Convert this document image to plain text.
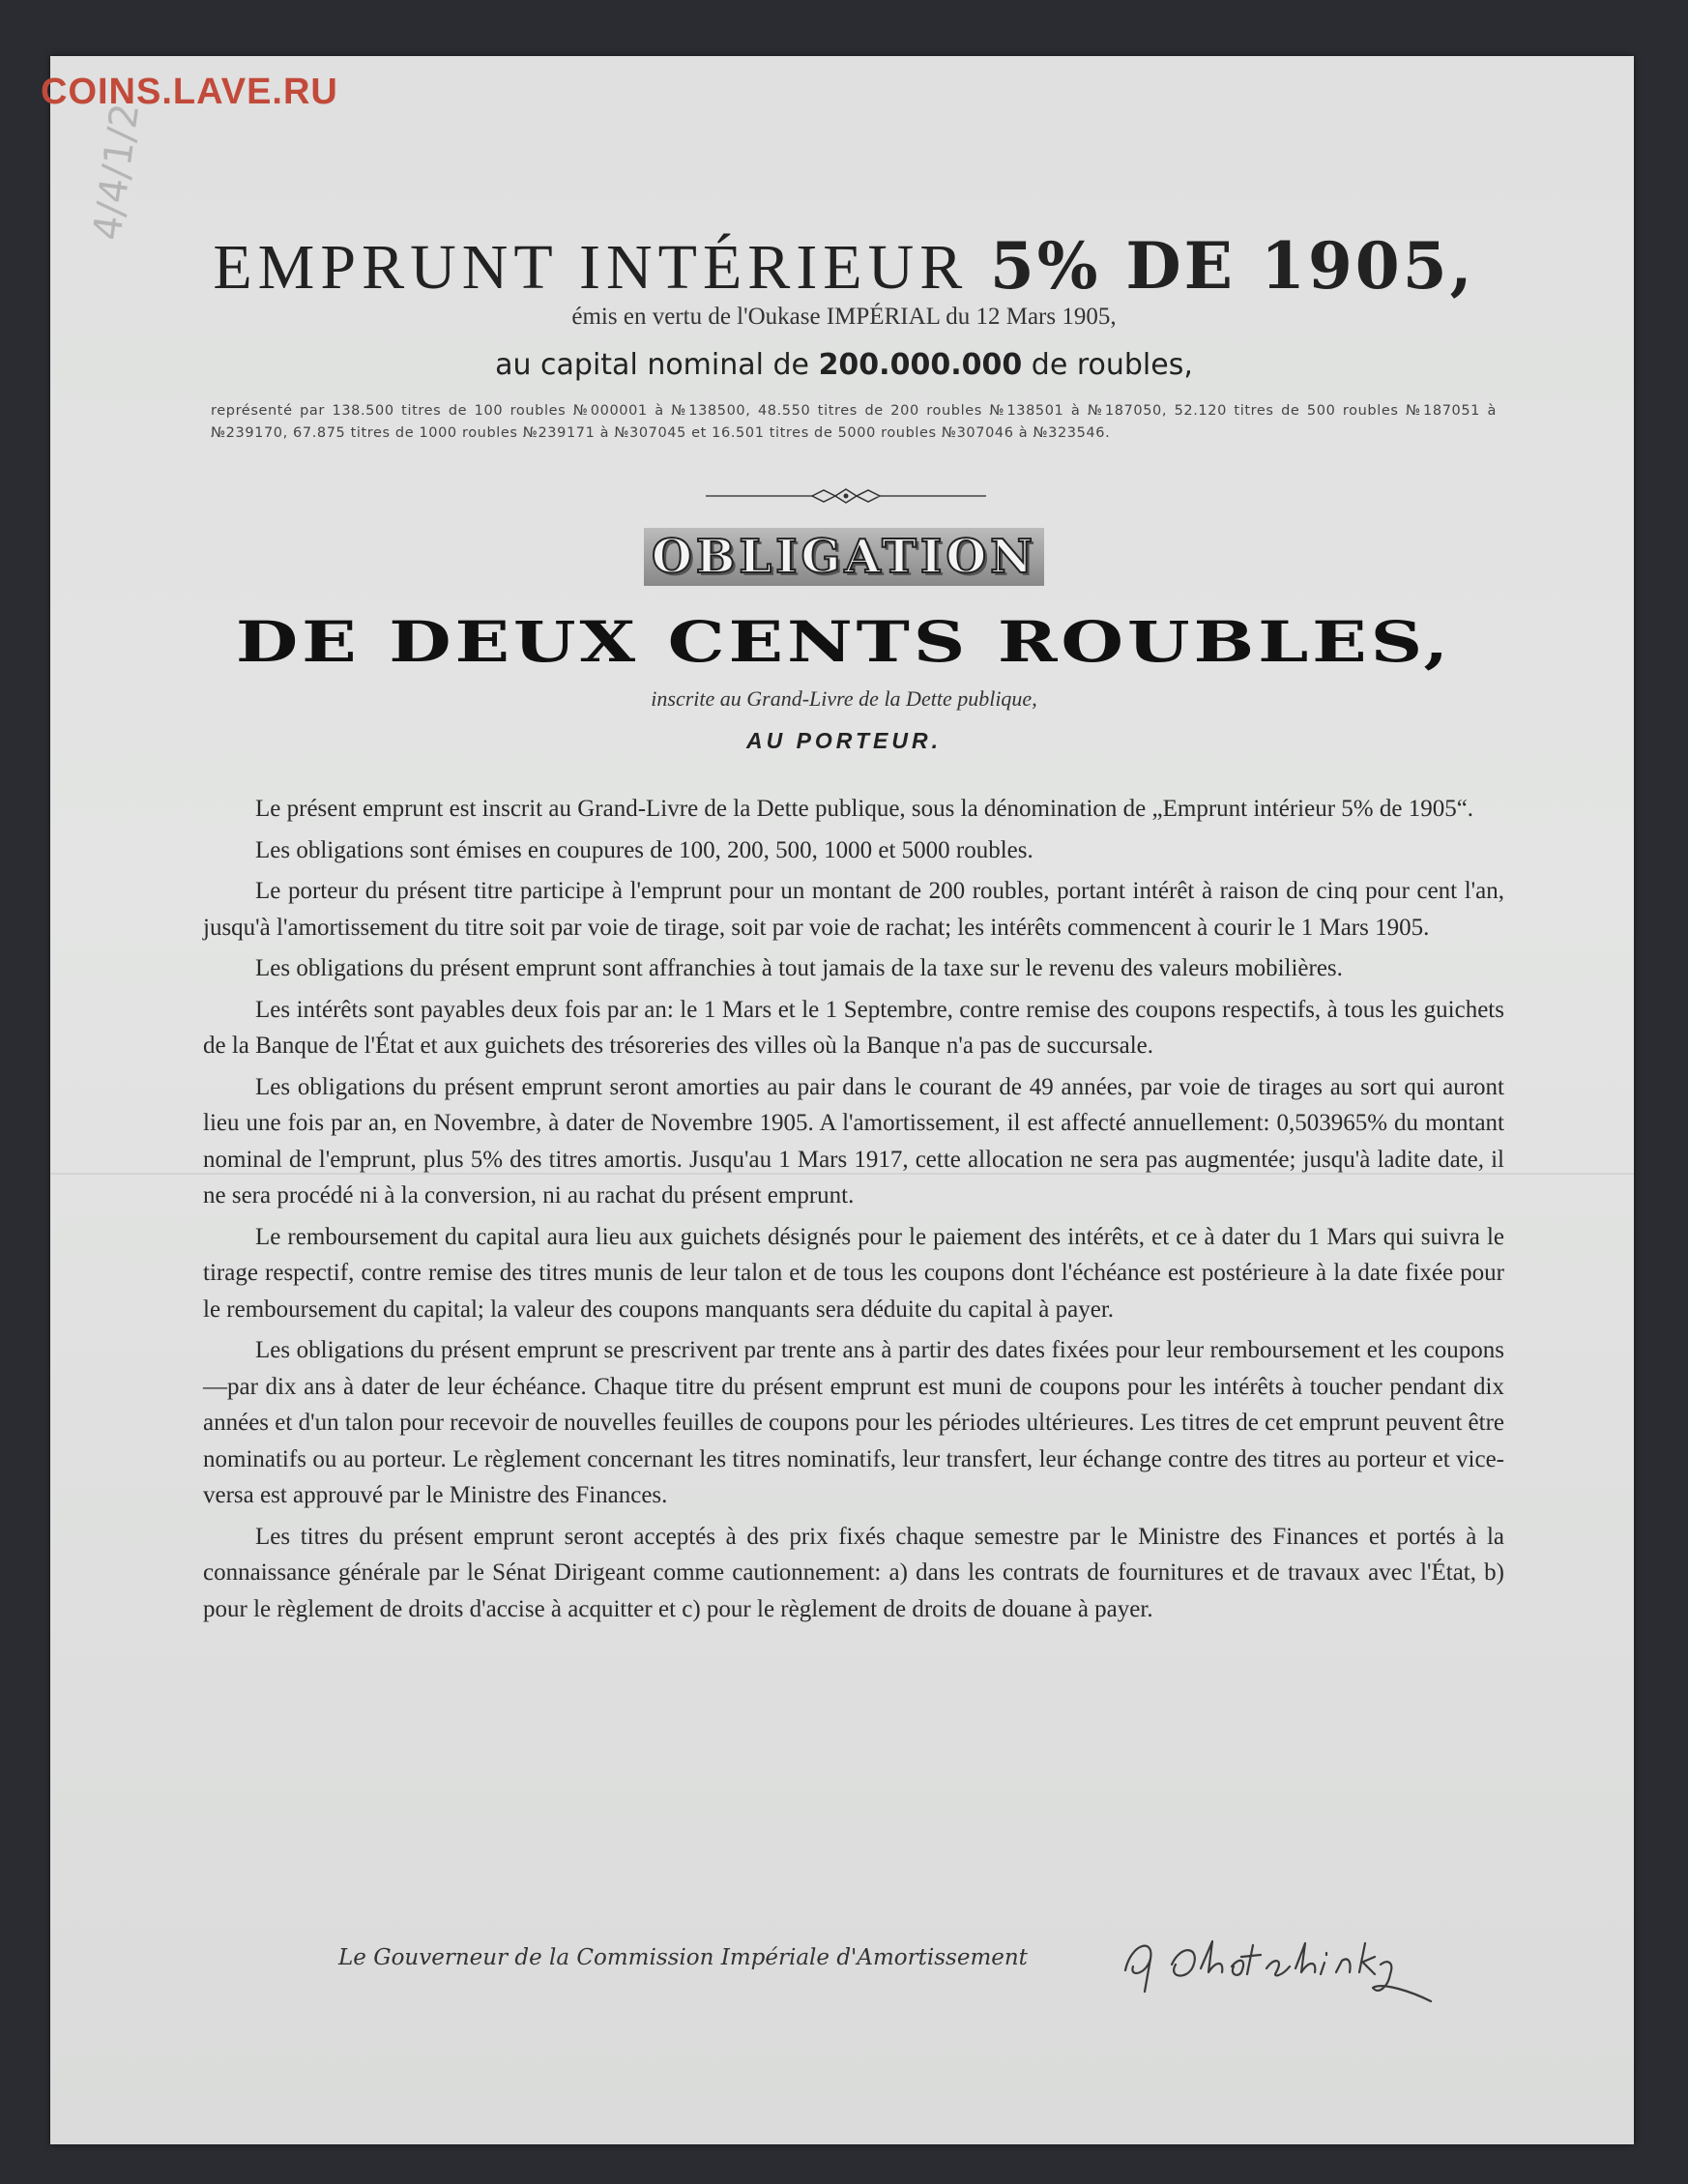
COINS.LAVE.RU
4/4/1/2
EMPRUNT INTÉRIEUR 5% DE 1905,
émis en vertu de l'Oukase IMPÉRIAL du 12 Mars 1905,
au capital nominal de 200.000.000 de roubles,
représenté par 138.500 titres de 100 roubles №000001 à №138500, 48.550 titres de 200 roubles №138501 à №187050, 52.120 titres de 500 roubles №187051 à №239170, 67.875 titres de 1000 roubles №239171 à №307045 et 16.501 titres de 5000 roubles №307046 à №323546.
OBLIGATION
DE DEUX CENTS ROUBLES,
inscrite au Grand-Livre de la Dette publique,
AU PORTEUR.

Le présent emprunt est inscrit au Grand-Livre de la Dette publique, sous la dénomination de „Emprunt intérieur 5% de 1905“.

Les obligations sont émises en coupures de 100, 200, 500, 1000 et 5000 roubles.

Le porteur du présent titre participe à l'emprunt pour un montant de 200 roubles, portant intérêt à raison de cinq pour cent l'an, jusqu'à l'amortissement du titre soit par voie de tirage, soit par voie de rachat; les intérêts commencent à courir le 1 Mars 1905.

Les obligations du présent emprunt sont affranchies à tout jamais de la taxe sur le revenu des valeurs mobilières.

Les intérêts sont payables deux fois par an: le 1 Mars et le 1 Septembre, contre remise des coupons respectifs, à tous les guichets de la Banque de l'État et aux guichets des trésoreries des villes où la Banque n'a pas de succursale.

Les obligations du présent emprunt seront amorties au pair dans le courant de 49 années, par voie de tirages au sort qui auront lieu une fois par an, en Novembre, à dater de Novembre 1905. A l'amortissement, il est affecté annuellement: 0,503965% du montant nominal de l'emprunt, plus 5% des titres amortis. Jusqu'au 1 Mars 1917, cette allocation ne sera pas augmentée; jusqu'à ladite date, il ne sera procédé ni à la conversion, ni au rachat du présent emprunt.

Le remboursement du capital aura lieu aux guichets désignés pour le paiement des intérêts, et ce à dater du 1 Mars qui suivra le tirage respectif, contre remise des titres munis de leur talon et de tous les coupons dont l'échéance est postérieure à la date fixée pour le remboursement du capital; la valeur des coupons manquants sera déduite du capital à payer.

Les obligations du présent emprunt se prescrivent par trente ans à partir des dates fixées pour leur remboursement et les coupons—par dix ans à dater de leur échéance. Chaque titre du présent emprunt est muni de coupons pour les intérêts à toucher pendant dix années et d'un talon pour recevoir de nouvelles feuilles de coupons pour les périodes ultérieures. Les titres de cet emprunt peuvent être nominatifs ou au porteur. Le règlement concernant les titres nominatifs, leur transfert, leur échange contre des titres au porteur et vice-versa est approuvé par le Ministre des Finances.

Les titres du présent emprunt seront acceptés à des prix fixés chaque semestre par le Ministre des Finances et portés à la connaissance générale par le Sénat Dirigeant comme cautionnement: a) dans les contrats de fournitures et de travaux avec l'État, b) pour le règlement de droits d'accise à acquitter et c) pour le règlement de droits de douane à payer.

Le Gouverneur de la Commission Impériale d'Amortissement
